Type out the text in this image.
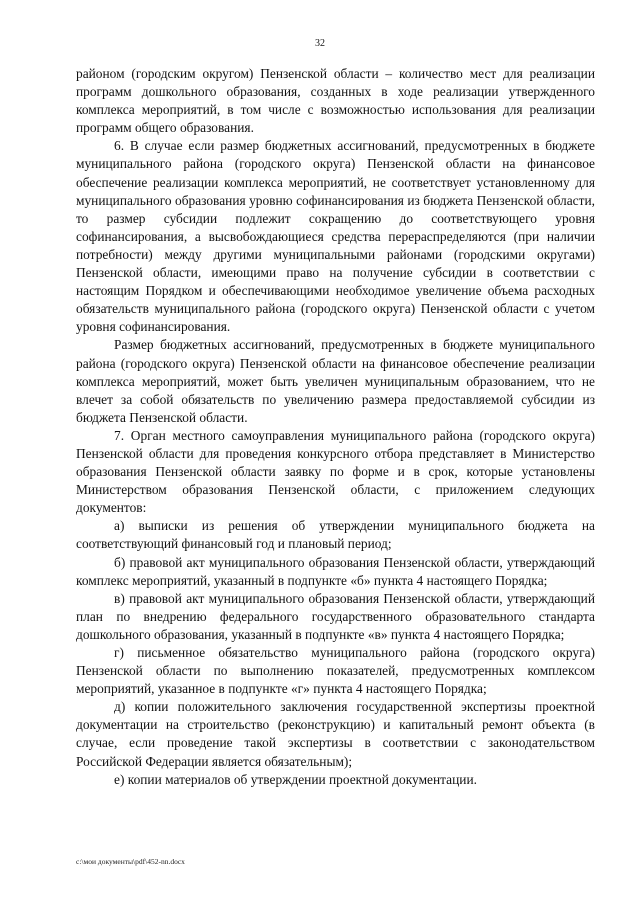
32

районом (городским округом) Пензенской области – количество мест для реализации программ дошкольного образования, созданных в ходе реализации утвержденного комплекса мероприятий, в том числе с возможностью использования для реализации программ общего образования.

6. В случае если размер бюджетных ассигнований, предусмотренных в бюджете муниципального района (городского округа) Пензенской области на финансовое обеспечение реализации комплекса мероприятий, не соответствует установленному для муниципального образования уровню софинансирования из бюджета Пензенской области, то размер субсидии подлежит сокращению до соответствующего уровня софинансирования, а высвобождающиеся средства перераспределяются (при наличии потребности) между другими муниципальными районами (городскими округами) Пензенской области, имеющими право на получение субсидии в соответствии с настоящим Порядком и обеспечивающими необходимое увеличение объема расходных обязательств муниципального района (городского округа) Пензенской области с учетом уровня софинансирования.

Размер бюджетных ассигнований, предусмотренных в бюджете муниципального района (городского округа) Пензенской области на финансовое обеспечение реализации комплекса мероприятий, может быть увеличен муниципальным образованием, что не влечет за собой обязательств по увеличению размера предоставляемой субсидии из бюджета Пензенской области.

7. Орган местного самоуправления муниципального района (городского округа) Пензенской области для проведения конкурсного отбора представляет в Министерство образования Пензенской области заявку по форме и в срок, которые установлены Министерством образования Пензенской области, с приложением следующих документов:

а) выписки из решения об утверждении муниципального бюджета на соответствующий финансовый год и плановый период;

б) правовой акт муниципального образования Пензенской области, утверждающий комплекс мероприятий, указанный в подпункте «б» пункта 4 настоящего Порядка;

в) правовой акт муниципального образования Пензенской области, утверждающий план по внедрению федерального государственного образовательного стандарта дошкольного образования, указанный в подпункте «в» пункта 4 настоящего Порядка;

г) письменное обязательство муниципального района (городского округа) Пензенской области по выполнению показателей, предусмотренных комплексом мероприятий, указанное в подпункте «г» пункта 4 настоящего Порядка;

д) копии положительного заключения государственной экспертизы проектной документации на строительство (реконструкцию) и капитальный ремонт объекта (в случае, если проведение такой экспертизы в соответствии с законодательством Российской Федерации является обязательным);

е) копии материалов об утверждении проектной документации.

c:\мои документы\pdf\452-nn.docx
